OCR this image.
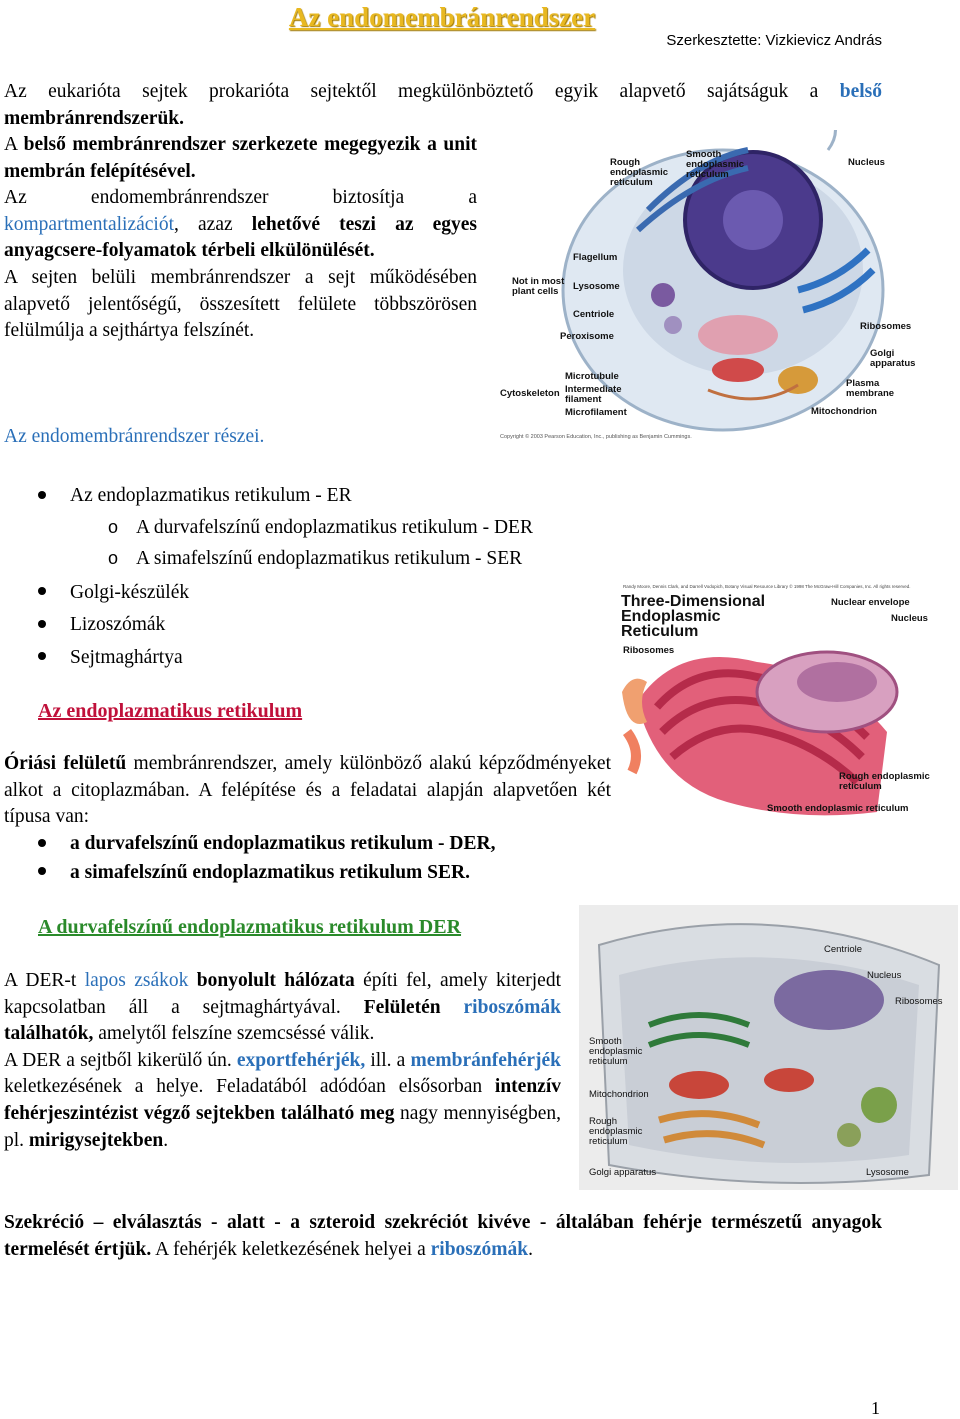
Az endomembránrendszer
Szerkesztette: Vizkievicz András
Az eukarióta sejtek prokarióta sejtektől megkülönböztető egyik alapvető sajátságuk a belső membránrendszerük.
A belső membránrendszer szerkezete megegyezik a unit membrán felépítésével.
Az endomembránrendszer biztosítja a kompartmentalizációt, azaz lehetővé teszi az egyes anyagcsere-folyamatok térbeli elkülönülését.
A sejten belüli membránrendszer a sejt működésében alapvető jelentőségű, összesített felülete többszörösen felülmúlja a sejthártya felszínét.
Az endomembránrendszer részei.
Rough endoplasmic reticulum
Smooth endoplasmic reticulum
Nucleus
Flagellum
Not in most plant cells	Lysosome
Centriole
Peroxisome
Ribosomes
Golgi apparatus
Plasma membrane
Microtubule
Intermediate filament
Microfilament
Cytoskeleton
Mitochondrion
Copyright © 2003 Pearson Education, Inc., publishing as Benjamin Cummings.
Az endoplazmatikus retikulum - ER
o A durvafelszínű endoplazmatikus retikulum - DER
o A simafelszínű endoplazmatikus retikulum - SER
Golgi-készülék
Lizoszómák
Sejtmaghártya
Randy Moore, Dennis Clark, and Darrell Vodopich, Botany Visual Resource Library © 1998 The McGraw-Hill Companies, Inc. All rights reserved.
Three-Dimensional Endoplasmic Reticulum
Nuclear envelope
Nucleus
Ribosomes
Rough endoplasmic reticulum
Smooth endoplasmic reticulum
Az endoplazmatikus retikulum
Óriási felületű membránrendszer, amely különböző alakú képződményeket alkot a citoplazmában. A felépítése és a feladatai alapján alapvetően két típusa van:
a durvafelszínű endoplazmatikus retikulum - DER,
a simafelszínű endoplazmatikus retikulum SER.
A durvafelszínű endoplazmatikus retikulum DER
A DER-t lapos zsákok bonyolult hálózata építi fel, amely kiterjedt kapcsolatban áll a sejtmaghártyával. Felületén riboszómák találhatók, amelytől felszíne szemcséssé válik.
A DER a sejtből kikerülő ún. exportfehérjék, ill. a membránfehérjék keletkezésének a helye. Feladatából adódóan elsősorban intenzív fehérjeszintézist végző sejtekben található meg nagy mennyiségben, pl. mirigysejtekben.
Centriole
Nucleus
Ribosomes
Smooth endoplasmic reticulum
Mitochondrion
Rough endoplasmic reticulum
Golgi apparatus	Lysosome
Szekréció – elválasztás - alatt - a szteroid szekréciót kivéve - általában fehérje természetű anyagok termelését értjük. A fehérjék keletkezésének helyei a riboszómák.
1
